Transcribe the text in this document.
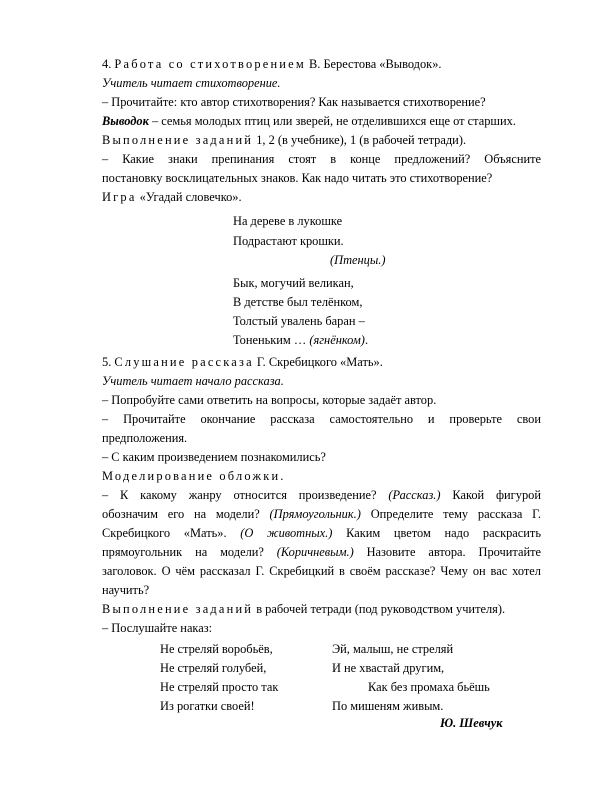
4. Работа со стихотворением В. Берестова «Выводок».
Учитель читает стихотворение.
– Прочитайте: кто автор стихотворения? Как называется стихотворение?
Выводок – семья молодых птиц или зверей, не отделившихся еще от старших.
Выполнение заданий 1, 2 (в учебнике), 1 (в рабочей тетради).
– Какие знаки препинания стоят в конце предложений? Объясните
постановку восклицательных знаков. Как надо читать это стихотворение?
Игра «Угадай словечко».
На дереве в лукошке
Подрастают крошки.
(Птенцы.)
Бык, могучий великан,
В детстве был телёнком,
Толстый увалень баран –
Тоненьким … (ягнёнком).
5. Слушание рассказа Г. Скребицкого «Мать».
Учитель читает начало рассказа.
– Попробуйте сами ответить на вопросы, которые задаёт автор.
– Прочитайте окончание рассказа самостоятельно и проверьте свои
предположения.
– С каким произведением познакомились?
Моделирование обложки.
– К какому жанру относится произведение? (Рассказ.) Какой фигурой
обозначим его на модели? (Прямоугольник.) Определите тему рассказа Г.
Скребицкого «Мать». (О животных.) Каким цветом надо раскрасить
прямоугольник на модели? (Коричневым.) Назовите автора. Прочитайте
заголовок. О чём рассказал Г. Скребицкий в своём рассказе? Чему он вас хотел
научить?
Выполнение заданий в рабочей тетради (под руководством учителя).
– Послушайте наказ:
Не стреляй воробьёв,
Не стреляй голубей,
Не стреляй просто так
Из рогатки своей!
Эй, малыш, не стреляй
И не хвастай другим,
Как без промаха бьёшь
По мишеням живым.
Ю. Шевчук
